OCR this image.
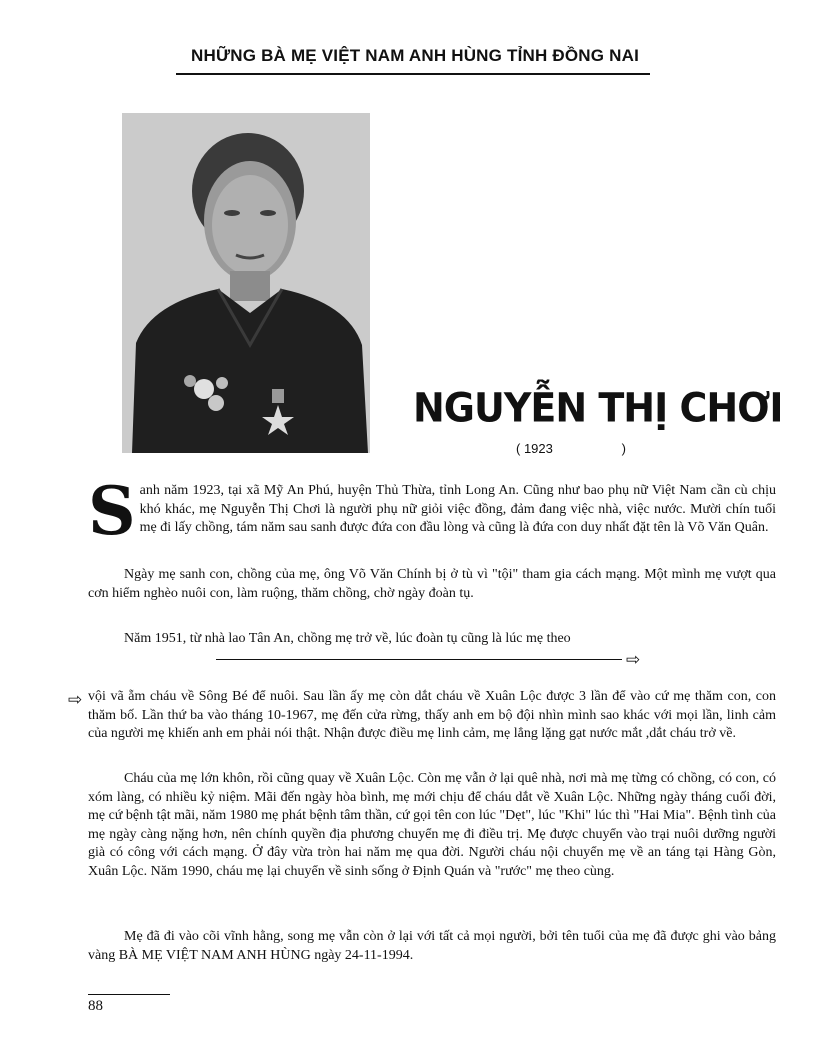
NHỮNG BÀ MẸ VIỆT NAM ANH HÙNG TỈNH ĐỒNG NAI
NGUYỄN THỊ CHƠI
( 1923	)
S anh năm 1923, tại xã Mỹ An Phú, huyện Thủ Thừa, tỉnh Long An. Cũng như bao phụ nữ Việt Nam cần cù chịu khó khác, mẹ Nguyễn Thị Chơi là người phụ nữ giỏi việc đồng, đảm đang việc nhà, việc nước. Mười chín tuổi mẹ đi lấy chồng, tám năm sau sanh được đứa con đầu lòng và cũng là đứa con duy nhất đặt tên là Võ Văn Quân.

Ngày mẹ sanh con, chồng của mẹ, ông Võ Văn Chính bị ở tù vì "tội" tham gia cách mạng. Một mình mẹ vượt qua cơn hiểm nghèo nuôi con, làm ruộng, thăm chồng, chờ ngày đoàn tụ.

Năm 1951, từ nhà lao Tân An, chồng mẹ trở về, lúc đoàn tụ cũng là lúc mẹ theo

⇨
⇨ vội vã ẵm cháu về Sông Bé để nuôi. Sau lần ấy mẹ còn dắt cháu về Xuân Lộc được 3 lần để vào cứ mẹ thăm con, con thăm bố. Lần thứ ba vào tháng 10-1967, mẹ đến cửa rừng, thấy anh em bộ đội nhìn mình sao khác với mọi lần, linh cảm của người mẹ khiến anh em phải nói thật. Nhận được điều mẹ linh cảm, mẹ lẳng lặng gạt nước mắt ,dắt cháu trở về.

Cháu của mẹ lớn khôn, rồi cũng quay về Xuân Lộc. Còn mẹ vẫn ở lại quê nhà, nơi mà mẹ từng có chồng, có con, có xóm làng, có nhiều kỷ niệm. Mãi đến ngày hòa bình, mẹ mới chịu để cháu dắt về Xuân Lộc. Những ngày tháng cuối đời, mẹ cứ bệnh tật mãi, năm 1980 mẹ phát bệnh tâm thần, cứ gọi tên con lúc "Dẹt", lúc "Khi" lúc thì "Hai Mia". Bệnh tình của mẹ ngày càng nặng hơn, nên chính quyền địa phương chuyển mẹ đi điều trị. Mẹ được chuyển vào trại nuôi dưỡng người già có công với cách mạng. Ở đây vừa tròn hai năm mẹ qua đời. Người cháu nội chuyển mẹ về an táng tại Hàng Gòn, Xuân Lộc. Năm 1990, cháu mẹ lại chuyển về sinh sống ở Định Quán và "rước" mẹ theo cùng.

Mẹ đã đi vào cõi vĩnh hằng, song mẹ vẫn còn ở lại với tất cả mọi người, bởi tên tuổi của mẹ đã được ghi vào bảng vàng BÀ MẸ VIỆT NAM ANH HÙNG ngày 24-11-1994.

88
